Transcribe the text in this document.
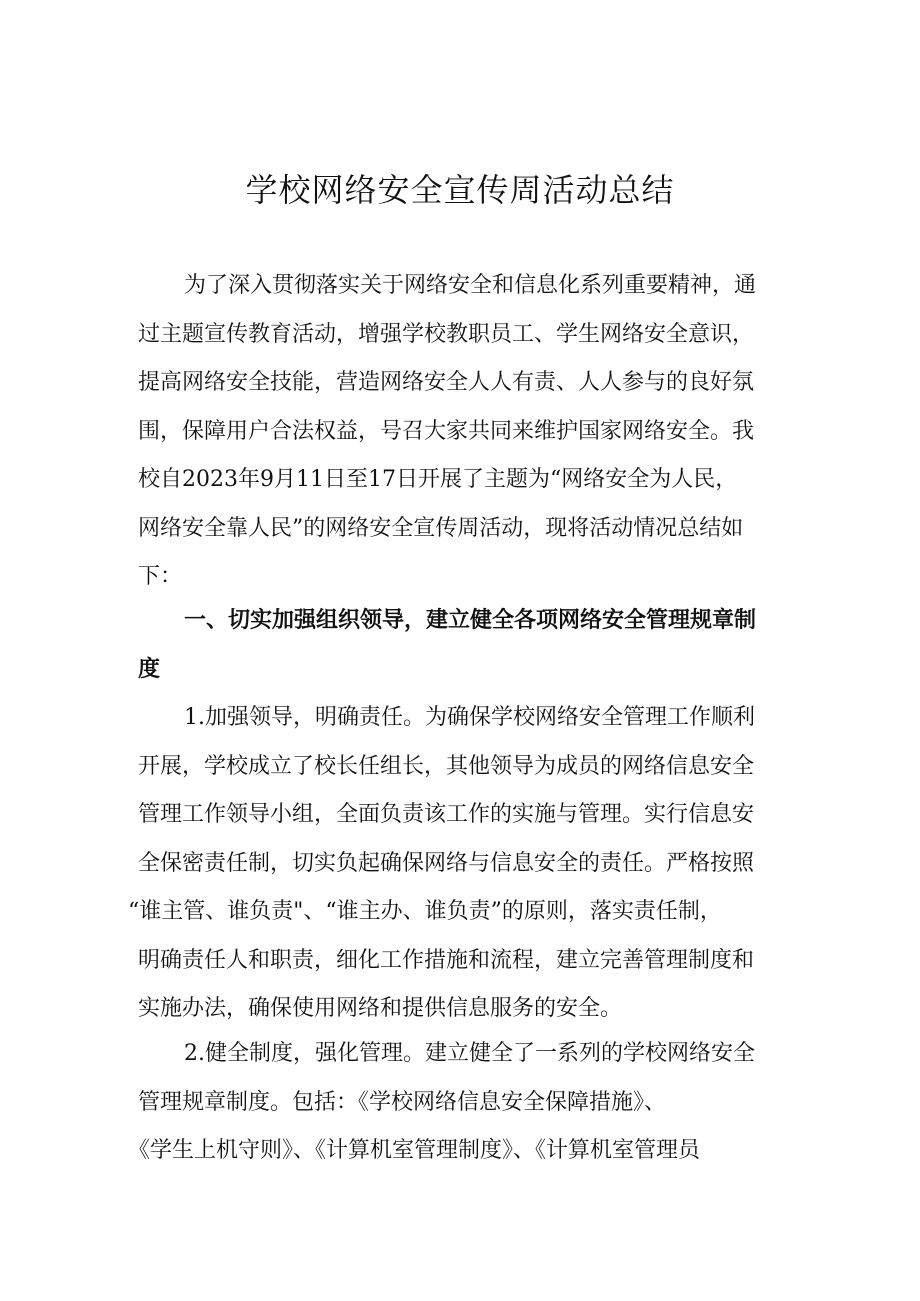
学校网络安全宣传周活动总结
为了深入贯彻落实关于网络安全和信息化系列重要精神，通
过主题宣传教育活动，增强学校教职员工、学生网络安全意识，
提高网络安全技能，营造网络安全人人有责、人人参与的良好氛
围，保障用户合法权益，号召大家共同来维护国家网络安全。我
校自2023年9月11日至17日开展了主题为“网络安全为人民，
网络安全靠人民”的网络安全宣传周活动，现将活动情况总结如
下：
一、切实加强组织领导，建立健全各项网络安全管理规章制
度
1.加强领导，明确责任。为确保学校网络安全管理工作顺利
开展，学校成立了校长任组长，其他领导为成员的网络信息安全
管理工作领导小组，全面负责该工作的实施与管理。实行信息安
全保密责任制，切实负起确保网络与信息安全的责任。严格按照
“谁主管、谁负责"、“谁主办、谁负责”的原则，落实责任制，
明确责任人和职责，细化工作措施和流程，建立完善管理制度和
实施办法，确保使用网络和提供信息服务的安全。
2.健全制度，强化管理。建立健全了一系列的学校网络安全
管理规章制度。包括：《学校网络信息安全保障措施》、
《学生上机守则》、《计算机室管理制度》、《计算机室管理员
